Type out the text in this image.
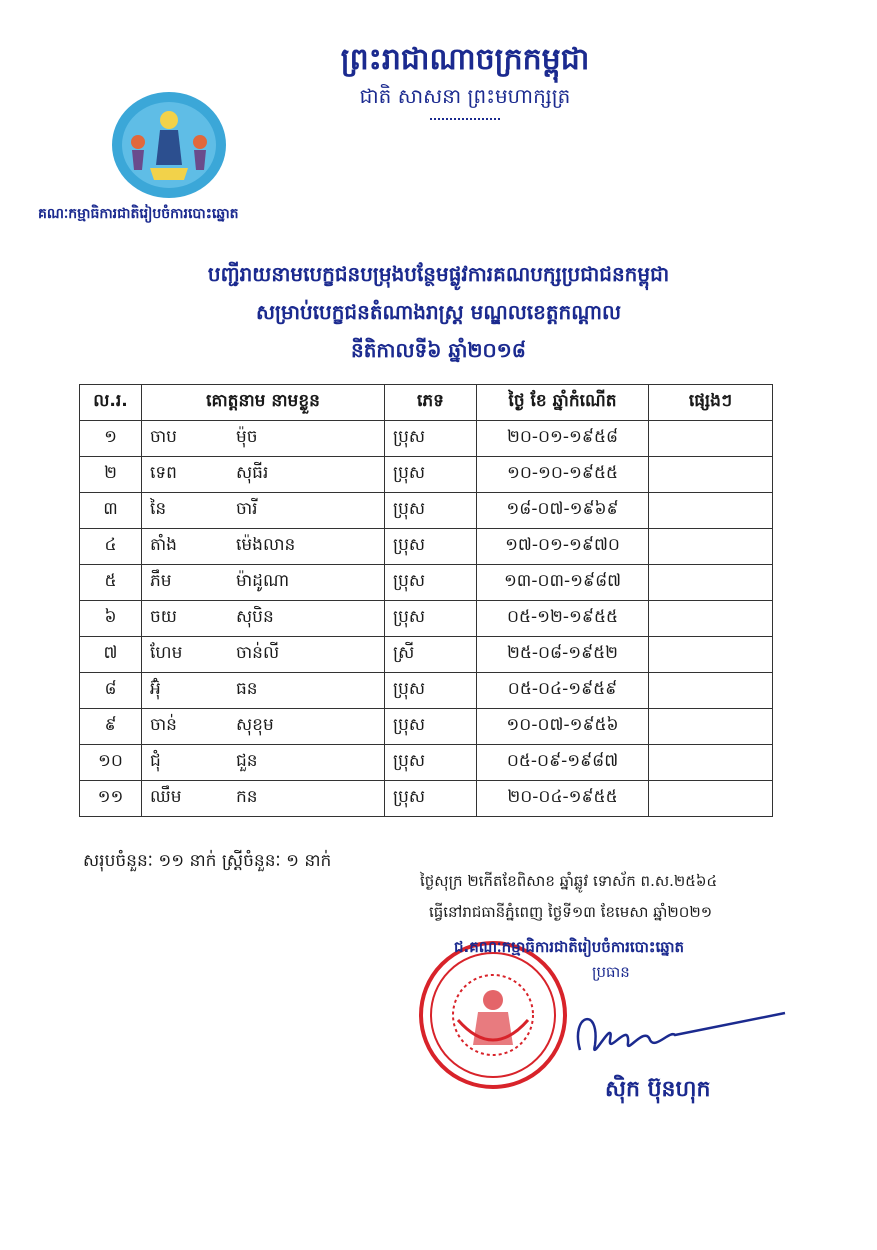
ព្រះរាជាណាចក្រកម្ពុជា
ជាតិ សាសនា ព្រះមហាក្សត្រ
គណៈកម្មាធិការជាតិរៀបចំការបោះឆ្នោត
បញ្ជីរាយនាមបេក្ខជនបម្រុងបន្ថែមផ្លូវការគណបក្សប្រជាជនកម្ពុជា
សម្រាប់បេក្ខជនតំណាងរាស្ត្រ មណ្ឌលខេត្តកណ្តាល
នីតិកាលទី៦ ឆ្នាំ២០១៨
ល.រ.	គោត្តនាម នាមខ្លួន		ភេទ	ថ្ងៃ ខែ ឆ្នាំកំណើត	ផ្សេងៗ
១	ចាប	ម៉ុច	ប្រុស	២០-០១-១៩៥៨	
២	ទេព	សុធីរ	ប្រុស	១០-១០-១៩៥៥	
៣	នៃ	ចារី	ប្រុស	១៨-០៧-១៩៦៩	
៤	តាំង	ម៉េងលាន	ប្រុស	១៧-០១-១៩៧០	
៥	ភឹម	ម៉ាដូណា	ប្រុស	១៣-០៣-១៩៨៧	
៦	ចយ	សុបិន	ប្រុស	០៥-១២-១៩៥៥	
៧	ហែម	ចាន់លី	ស្រី	២៥-០៨-១៩៥២	
៨	អ៊ុំ	ធន	ប្រុស	០៥-០៤-១៩៥៩	
៩	ចាន់	សុខុម	ប្រុស	១០-០៧-១៩៥៦	
១០	ជុំ	ជួន	ប្រុស	០៥-០៩-១៩៨៧	
១១	ឈឹម	កន	ប្រុស	២០-០៤-១៩៥៥	
សរុបចំនួនៈ ១១ នាក់ ស្ត្រីចំនួនៈ ១ នាក់
ថ្ងៃសុក្រ ២កើតខែពិសាខ ឆ្នាំឆ្លូវ ទោស័ក ព.ស.២៥៦៤
ធ្វើនៅរាជធានីភ្នំពេញ ថ្ងៃទី១៣ ខែមេសា ឆ្នាំ២០២១
ជ.គណៈកម្មាធិការជាតិរៀបចំការបោះឆ្នោត
ប្រធាន
ស៊ិក ប៊ុនហុក
